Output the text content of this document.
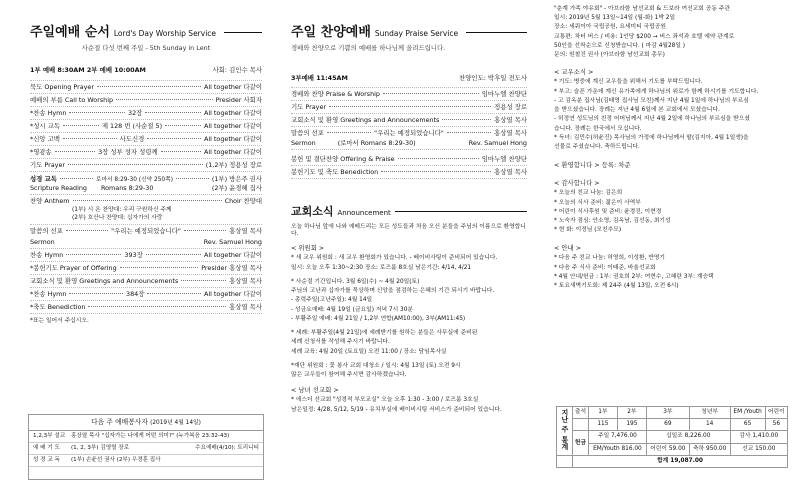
주일예배 순서 Lord's Day Worship Service
사순절 다섯 번째 주일 - 5th Sunday in Lent
1부 예배 8:30AM 2부 예배 10:00AM	사회: 김인수 목사
묵도 Opening Prayer	All together 다같이
예배의 부름 Call to Worship	Presider 사회자
*찬송 Hymn	32장	All together 다같이
*성시 교독	제 128 번 (사순절 5)	All together 다같이
*신앙 고백	사도신경	All together 다같이
*영광송	3장 성부 성자 성령께	All together 다같이
기도 Prayer	(1,2부) 정용성 장로
성경 교독	로마서 8:29-30 (신약 250쪽)	(1부) 방은주 권사
Scripture Reading Romans 8:29-30	(2부) 윤경혜 집사
찬양 Anthem	Choir 찬양대
(1부) 시 온 찬양대: 우리 구원하신 주께
(2부) 호산나 찬양대: 십자가의 사랑
말씀의 선포	"우리는 예정되었습니다"	홍상열 목사
Sermon	Rev. Samuel Hong
찬송 Hymn	393장	All together 다같이
*봉헌기도 Prayer of Offering	Presider 홍상열 목사
교회소식 및 환영 Greetings and Announcements	홍상열 목사
*찬송 Hymn	384장	All together 다같이
*축도 Benediction	홍상열 목사
*표는 일어서 주십시오.
다음 주 예배봉사자 (2019년 4월 14일)
1,2,3부 설교	홍상열 목사 "십자가는 나에게 어떤 의미?" (누가복음 23:32-43)
예 배 기 도	(1, 2, 3부) 김영렬 장로	수요예배(4/10): 트리니티
성 경 교 독	(1부) 손윤선 권사 (2부) 우경훈 집사
주일 찬양예배 Sunday Praise Service
경배와 찬양으로 기쁨의 예배를 하나님께 올려드립니다.
3부예배 11:45AM	찬양인도: 박후일 전도사
경배와 찬양 Praise & Worship	임마누엘 찬양단
기도 Prayer	정용성 장로
교회소식 및 환영 Greetings and Announcements	홍상열 목사
말씀의 선포	"우리는 예정되었습니다"	홍상열 목사
Sermon	(로마서 Romans 8:29-30)	Rev. Samuel Hong
봉헌 및 결단찬양 Offering & Praise	임마누엘 찬양단
봉헌기도 및 축도 Benediction	홍상열 목사
교회소식 Announcement
오늘 하나님 앞에 나와 예배드리는 모든 성도들과 처음 오신 분들을 주님의 이름으로 환영합니다.
< 위원회 >
* 새 교우 위원회 : 새 교우 환영회가 있습니다. - 베이비사팅이 준비되어 있습니다.
일시: 오늘 오후 1:30~2:30 장소: 로즈룸 8호실 남은기간: 4/14, 4/21
* 사순절 기간입니다. 3월 6일(수) ~ 4월 20일(토)
주님의 고난과 십자가를 묵상하며 신앙을 점검하는 은혜의 기간 되시기 바랍니다.
- 총력주일(고난주일): 4월 14일
- 성금요예배: 4월 19일 (금요일) 저녁 7시 30분
- 부활주일 예배: 4월 21일 / 1,2부 연합(AM10:00), 3부(AM11:45)
* 세례: 부활주일(4월 21일)에 세례받기를 원하는 분들은 사무실에 준비된
세례 신청서를 작성해 주시기 바랍니다.
세례 교육: 4월 20일 (토요일) 오전 11:00 / 장소: 담임목사실
*재단 위원회 : 꽃 봉사 교회 대청소 / 일시: 4월 13일 (토) 오전 9시
많은 교우들이 참여해 주시면 감사하겠습니다.
< 남녀 선교회 >
* 에스더 선교회 "성경적 부모교실" 오늘 오후 1:30 - 3:00 / 로즈룸 3호실
남은일정: 4/28, 5/12, 5/19 - 유치부실에 베이비시팅 서비스가 준비되어 있습니다.
"춘계 가족 야유회" - 아브라함 남선교회 & 드보라 여선교회 공동 주관
일시: 2019년 5월 13일~14일 (월-화) 1박 2일
장소: 세쿼이아 국립공원, 요세미티 국립공원
교통편: 차터 버스 / 비용: 1인당 $200 → 버스 좌석과 호텔 예약 관계로
50인을 선착순으로 신청받습니다. ( 마감 4월28일 )
문의: 원철진 권사 (아브라함 남선교회 총무)
< 교우소식 >
* 기도: 병중에 계신 교우들을 위해서 기도를 부탁드립니다.
* 부고: 슬픈 가운데 계신 유가족에게 하나님의 위로가 함께 하시기를 기도합니다.
- 고 김옥분 집사님(김태영 집사님 모친)께서 지난 4월 1일에 하나님의 부르심
을 받으셨습니다. 장례는 지난 4월 6일에 본 교회에서 모셨습니다.
- 허정연 성도님의 친정 어머님께서 지난 4월 2일에 하나님의 부르심을 받으셨
습니다. 장례는 한국에서 모십니다.
* 득녀: 김민수(허윤진) 목사님의 가정에 하나님께서 딸(김지아, 4월 1일생)을
선물로 주셨습니다. 축하드립니다.
< 환영합니다 > 등록: 차준
< 감사합니다 >
* 오늘의 친교 나눔: 김은희
* 오늘의 식사 준비: 젊은이 사역부
* 어린이 식사후원 및 준비: 윤경진, 이현경
* 노숙자 점심: 안소영, 김옥남, 김선동, 최기성
* 현 화: 이정님 (모친추모)
< 안내 >
* 다음 주 친교 나눔: 허영희, 이성환, 반명기
* 다음 주 식사 준비: 이태준, 바울선교회
* 4월 안내/헌금 : 1부: 권호희 2부: 여현수, 고혜란 3부: 계승택
* 토요새벽기도회: 제 24주 (4월 13일, 오전 6시)
지난 주
통계	출석	1부	2부	3부	청년부	EM /Youth	어린이
		115	195	69	14	65	56
	헌금	주일 7,476.00		십일조 8,226.00		감사 1,410.00	
		EM/Youth 816.00		어린이 59.00	축하 950.00	선교 150.00	
	합계 19,087.00						
